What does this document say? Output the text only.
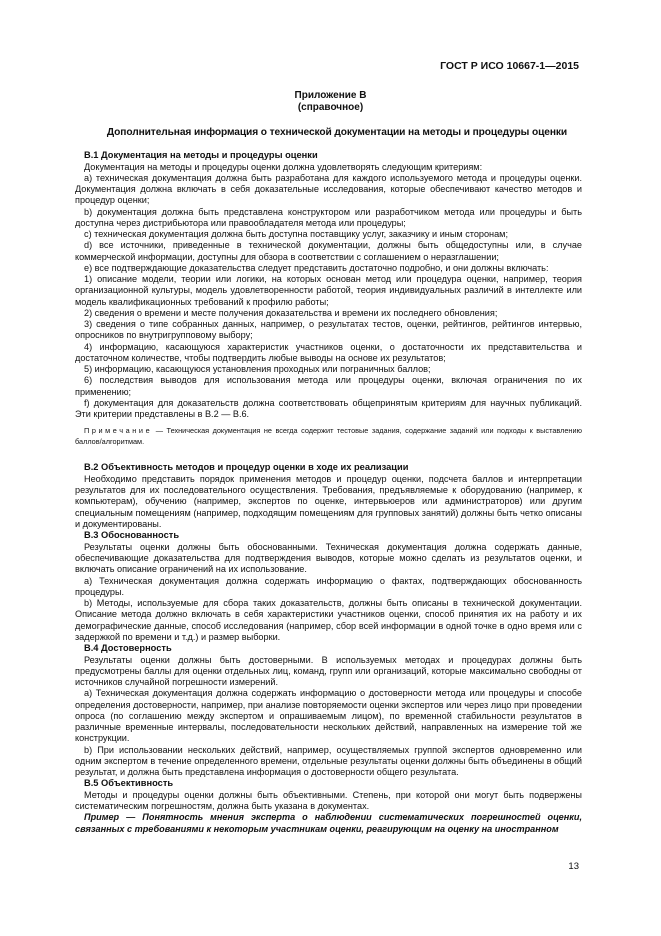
ГОСТ Р ИСО 10667-1—2015
Приложение В
(справочное)
Дополнительная информация о технической документации на методы и процедуры оценки
В.1 Документация на методы и процедуры оценки

Документация на методы и процедуры оценки должна удовлетворять следующим критериям:

a) техническая документация должна быть разработана для каждого используемого метода и процедуры оценки. Документация должна включать в себя доказательные исследования, которые обеспечивают качество методов и процедур оценки;

b) документация должна быть представлена конструктором или разработчиком метода или процедуры и быть доступна через дистрибьютора или правообладателя метода или процедуры;

c) техническая документация должна быть доступна поставщику услуг, заказчику и иным сторонам;

d) все источники, приведенные в технической документации, должны быть общедоступны или, в случае коммерческой информации, доступны для обзора в соответствии с соглашением о неразглашении;

e) все подтверждающие доказательства следует представить достаточно подробно, и они должны включать:

1) описание модели, теории или логики, на которых основан метод или процедура оценки, например, теория организационной культуры, модель удовлетворенности работой, теория индивидуальных различий в интеллекте или модель квалификационных требований к профилю работы;

2) сведения о времени и месте получения доказательства и времени их последнего обновления;

3) сведения о типе собранных данных, например, о результатах тестов, оценки, рейтингов, рейтингов интервью, опросников по внутригрупповому выбору;

4) информацию, касающуюся характеристик участников оценки, о достаточности их представительства и достаточном количестве, чтобы подтвердить любые выводы на основе их результатов;

5) информацию, касающуюся установления проходных или пограничных баллов;

6) последствия выводов для использования метода или процедуры оценки, включая ограничения по их применению;

f) документация для доказательств должна соответствовать общепринятым критериям для научных публикаций. Эти критерии представлены в В.2 — В.6.

Примечание — Техническая документация не всегда содержит тестовые задания, содержание заданий или подходы к выставлению баллов/алгоритмам.

В.2 Объективность методов и процедур оценки в ходе их реализации

Необходимо представить порядок применения методов и процедур оценки, подсчета баллов и интерпретации результатов для их последовательного осуществления. Требования, предъявляемые к оборудованию (например, к компьютерам), обучению (например, экспертов по оценке, интервьюеров или администраторов) или другим специальным помещениям (например, подходящим помещениям для групповых занятий) должны быть четко описаны и документированы.

В.3 Обоснованность

Результаты оценки должны быть обоснованными. Техническая документация должна содержать данные, обеспечивающие доказательства для подтверждения выводов, которые можно сделать из результатов оценки, и включать описание ограничений на их использование.

a) Техническая документация должна содержать информацию о фактах, подтверждающих обоснованность процедуры.

b) Методы, используемые для сбора таких доказательств, должны быть описаны в технической документации. Описание метода должно включать в себя характеристики участников оценки, способ принятия их на работу и их демографические данные, способ исследования (например, сбор всей информации в одной точке в одно время или с задержкой по времени и т.д.) и размер выборки.

В.4 Достоверность

Результаты оценки должны быть достоверными. В используемых методах и процедурах должны быть предусмотрены баллы для оценки отдельных лиц, команд, групп или организаций, которые максимально свободны от источников случайной погрешности измерений.

a) Техническая документация должна содержать информацию о достоверности метода или процедуры и способе определения достоверности, например, при анализе повторяемости оценки экспертов или через лицо при проведении опроса (по соглашению между экспертом и опрашиваемым лицом), по временной стабильности результатов в различные временные интервалы, последовательности нескольких действий, направленных на измерение той же конструкции.

b) При использовании нескольких действий, например, осуществляемых группой экспертов одновременно или одним экспертом в течение определенного времени, отдельные результаты оценки должны быть объединены в общий результат, и должна быть представлена информация о достоверности общего результата.

В.5 Объективность

Методы и процедуры оценки должны быть объективными. Степень, при которой они могут быть подвержены систематическим погрешностям, должна быть указана в документах.

Пример — Понятность мнения эксперта о наблюдении систематических погрешностей оценки, связанных с требованиями к некоторым участникам оценки, реагирующим на оценку на иностранном

13
